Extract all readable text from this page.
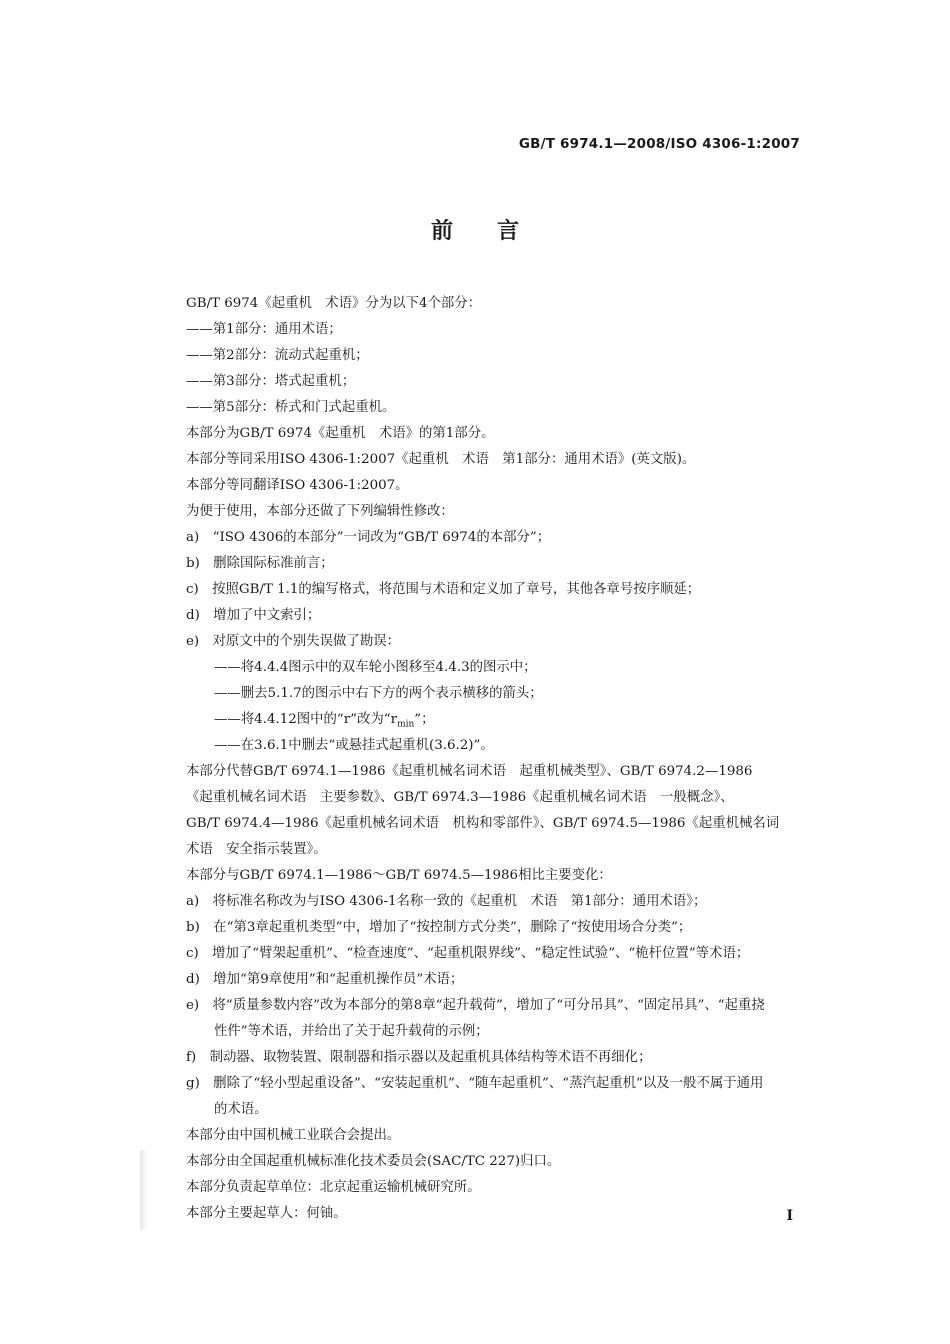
GB/T 6974.1—2008/ISO 4306-1:2007
前言
GB/T 6974《起重机　术语》分为以下4个部分：
——第1部分：通用术语；
——第2部分：流动式起重机；
——第3部分：塔式起重机；
——第5部分：桥式和门式起重机。
本部分为GB/T 6974《起重机　术语》的第1部分。
本部分等同采用ISO 4306-1:2007《起重机　术语　第1部分：通用术语》(英文版)。
本部分等同翻译ISO 4306-1:2007。
为便于使用，本部分还做了下列编辑性修改：
a)　“ISO 4306的本部分”一词改为“GB/T 6974的本部分”；
b)　删除国际标准前言；
c)　按照GB/T 1.1的编写格式，将范围与术语和定义加了章号，其他各章号按序顺延；
d)　增加了中文索引；
e)　对原文中的个别失误做了勘误：
——将4.4.4图示中的双车轮小图移至4.4.3的图示中；
——删去5.1.7的图示中右下方的两个表示横移的箭头；
——将4.4.12图中的“r”改为“$r_{min}$”；
——在3.6.1中删去“或悬挂式起重机(3.6.2)”。
本部分代替GB/T 6974.1—1986《起重机械名词术语　起重机械类型》、GB/T 6974.2—1986
《起重机械名词术语　主要参数》、GB/T 6974.3—1986《起重机械名词术语　一般概念》、
GB/T 6974.4—1986《起重机械名词术语　机构和零部件》、GB/T 6974.5—1986《起重机械名词
术语　安全指示装置》。
本部分与GB/T 6974.1—1986～GB/T 6974.5—1986相比主要变化：
a)　将标准名称改为与ISO 4306-1名称一致的《起重机　术语　第1部分：通用术语》；
b)　在“第3章起重机类型”中，增加了“按控制方式分类”，删除了“按使用场合分类”；
c)　增加了“臂架起重机”、“检查速度”、“起重机限界线”、“稳定性试验”、“桅杆位置”等术语；
d)　增加“第9章使用”和“起重机操作员”术语；
e)　将“质量参数内容”改为本部分的第8章“起升载荷”，增加了“可分吊具”、“固定吊具”、“起重挠
性件”等术语，并给出了关于起升载荷的示例；
f)　制动器、取物装置、限制器和指示器以及起重机具体结构等术语不再细化；
g)　删除了“轻小型起重设备”、“安装起重机”、“随车起重机”、“蒸汽起重机”以及一般不属于通用
的术语。
本部分由中国机械工业联合会提出。
本部分由全国起重机械标准化技术委员会(SAC/TC 227)归口。
本部分负责起草单位：北京起重运输机械研究所。
本部分主要起草人：何铀。	I
